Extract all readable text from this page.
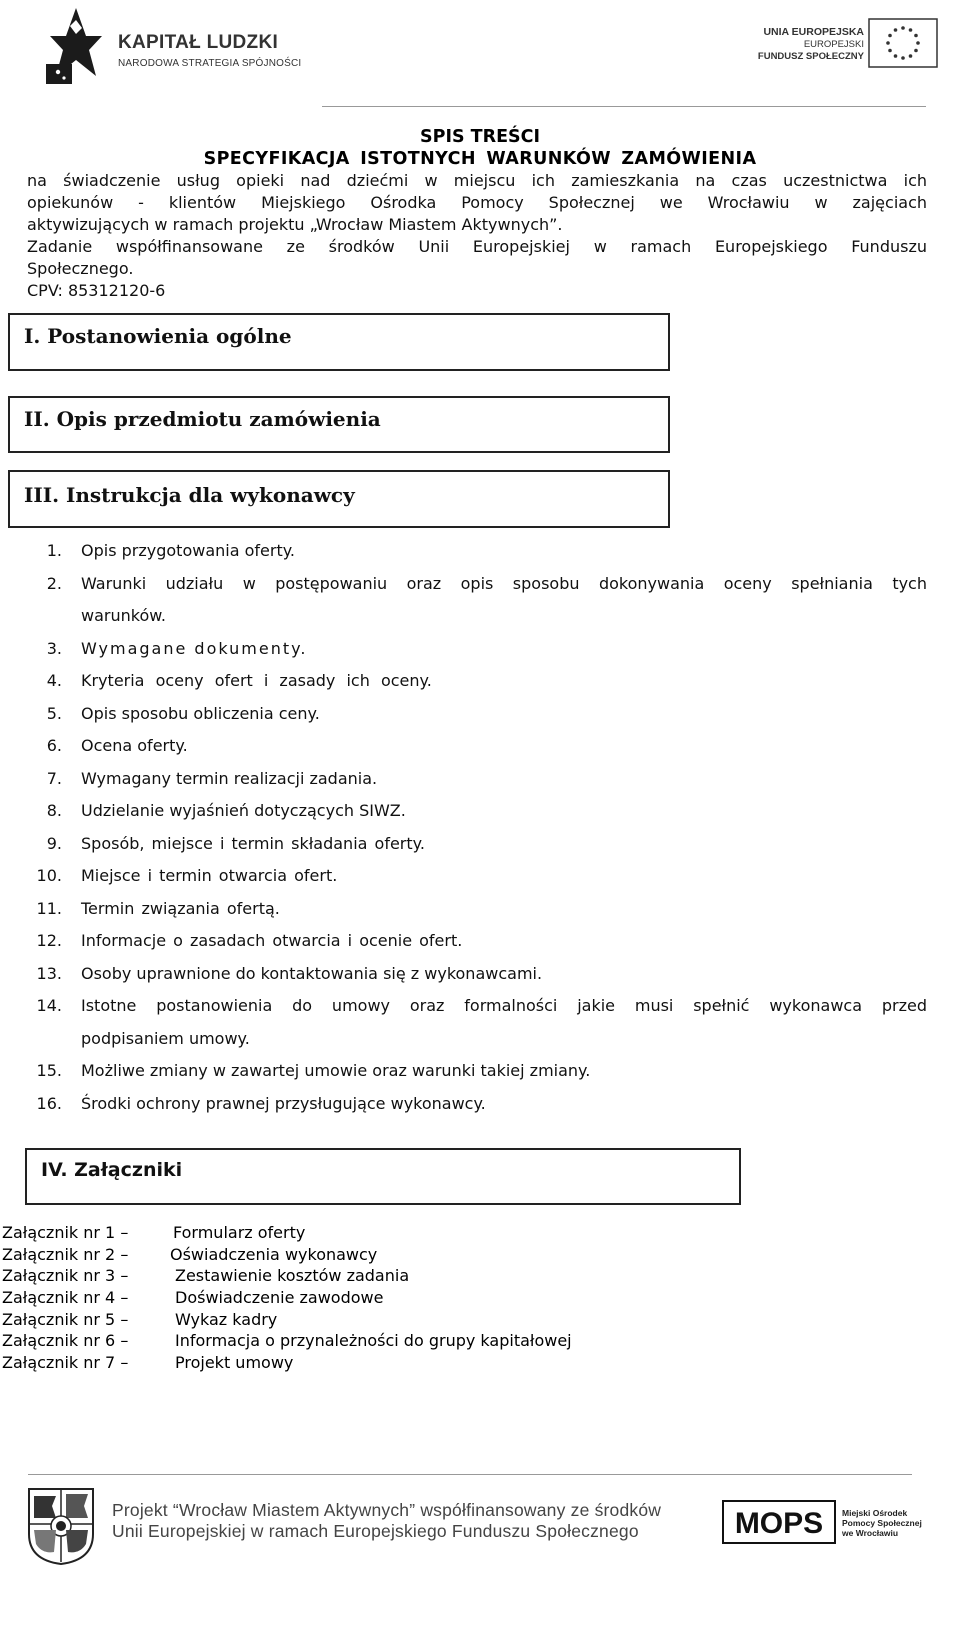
KAPITAŁ LUDZKI
NARODOWA STRATEGIA SPÓJNOŚCI
UNIA EUROPEJSKA
EUROPEJSKI
FUNDUSZ SPOŁECZNY
SPIS TREŚCI
SPECYFIKACJA ISTOTNYCH WARUNKÓW ZAMÓWIENIA
na świadczenie usług opieki nad dziećmi w miejscu ich zamieszkania na czas uczestnictwa ich
opiekunów - klientów Miejskiego Ośrodka Pomocy Społecznej we Wrocławiu w zajęciach
aktywizujących w ramach projektu „Wrocław Miastem Aktywnych”.
Zadanie współfinansowane ze środków Unii Europejskiej w ramach Europejskiego Funduszu
Społecznego.
CPV: 85312120-6
I. Postanowienia ogólne
II. Opis przedmiotu zamówienia
III. Instrukcja dla wykonawcy
1. Opis przygotowania oferty.
2. Warunki udziału w postępowaniu oraz opis sposobu dokonywania oceny spełniania tych
warunków.
3. Wymagane dokumenty.
4. Kryteria oceny ofert i zasady ich oceny.
5. Opis sposobu obliczenia ceny.
6. Ocena oferty.
7. Wymagany termin realizacji zadania.
8. Udzielanie wyjaśnień dotyczących SIWZ.
9. Sposób, miejsce i termin składania oferty.
10. Miejsce i termin otwarcia ofert.
11. Termin związania ofertą.
12. Informacje o zasadach otwarcia i ocenie ofert.
13. Osoby uprawnione do kontaktowania się z wykonawcami.
14. Istotne postanowienia do umowy oraz formalności jakie musi spełnić wykonawca przed
podpisaniem umowy.
15. Możliwe zmiany w zawartej umowie oraz warunki takiej zmiany.
16. Środki ochrony prawnej przysługujące wykonawcy.
IV. Załączniki
Załącznik nr 1 –	Formularz oferty
Załącznik nr 2 –	Oświadczenia wykonawcy
Załącznik nr 3 –	Zestawienie kosztów zadania
Załącznik nr 4 –	Doświadczenie zawodowe
Załącznik nr 5 –	Wykaz kadry
Załącznik nr 6 –	Informacja o przynależności do grupy kapitałowej
Załącznik nr 7 –	Projekt umowy
Projekt “Wrocław Miastem Aktywnych” współfinansowany ze środków
Unii Europejskiej w ramach Europejskiego Funduszu Społecznego	MOPS Miejski Ośrodek
Pomocy Społecznej
we Wrocławiu
